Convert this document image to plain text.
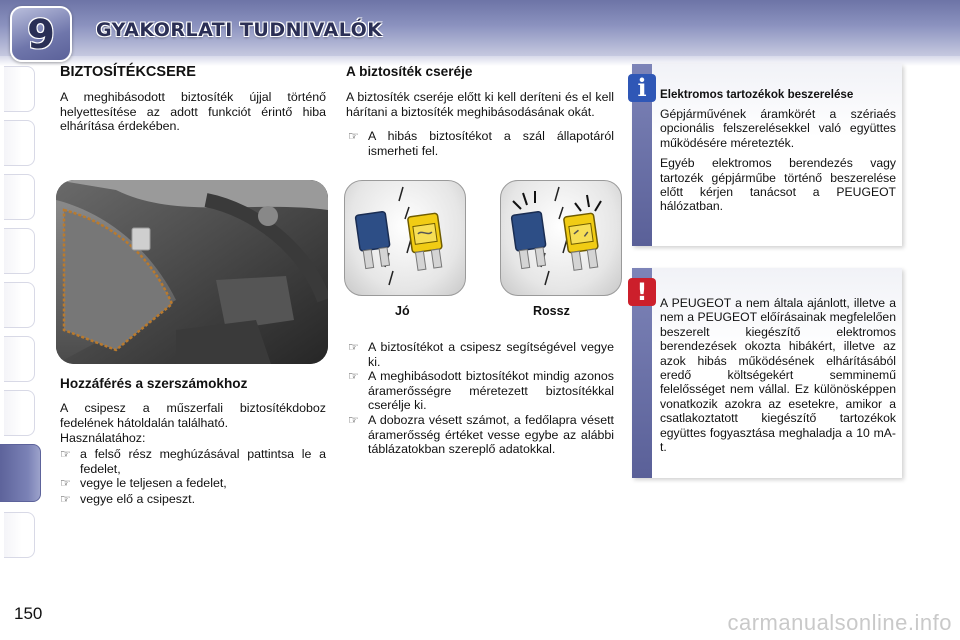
9	GYAKORLATI TUDNIVALÓK
BIZTOSÍTÉKCSERE
A meghibásodott biztosíték újjal történő helyettesítése az adott funkciót érintő hiba elhárítása érdekében.
Hozzáférés a szerszámokhoz
A csipesz a műszerfali biztosítékdoboz fedelének hátoldalán található.
Használatához:
☞ a felső rész meghúzásával pattintsa le a fedelet,
☞ vegye le teljesen a fedelet,
☞ vegye elő a csipeszt.
A biztosíték cseréje
A biztosíték cseréje előtt ki kell deríteni és el kell hárítani a biztosíték meghibásodásának okát.
☞ A hibás biztosítékot a szál állapotáról ismerheti fel.
Jó	Rossz
☞ A biztosítékot a csipesz segítségével vegye ki.
☞ A meghibásodott biztosítékot mindig azonos áramerősségre méretezett biztosítékkal cserélje ki.
☞ A dobozra vésett számot, a fedőlapra vésett áramerősség értéket vesse egybe az alábbi táblázatokban szereplő adatokkal.
i	Elektromos tartozékok beszerelése
Gépjárművének áramkörét a szériaés opcionális felszerelésekkel való együttes működésére méretezték.
Egyéb elektromos berendezés vagy tartozék gépjárműbe történő beszerelése előtt kérjen tanácsot a PEUGEOT hálózatban.
!	A PEUGEOT a nem általa ajánlott, illetve a nem a PEUGEOT előírásainak megfelelően beszerelt kiegészítő elektromos berendezések okozta hibákért, illetve az azok hibás működésének elhárításából eredő költségekért semminemű felelősséget nem vállal. Ez különösképpen vonatkozik azokra az esetekre, amikor a csatlakoztatott kiegészítő tartozékok együttes fogyasztása meghaladja a 10 mA-t.
150	carmanualsonline.info
